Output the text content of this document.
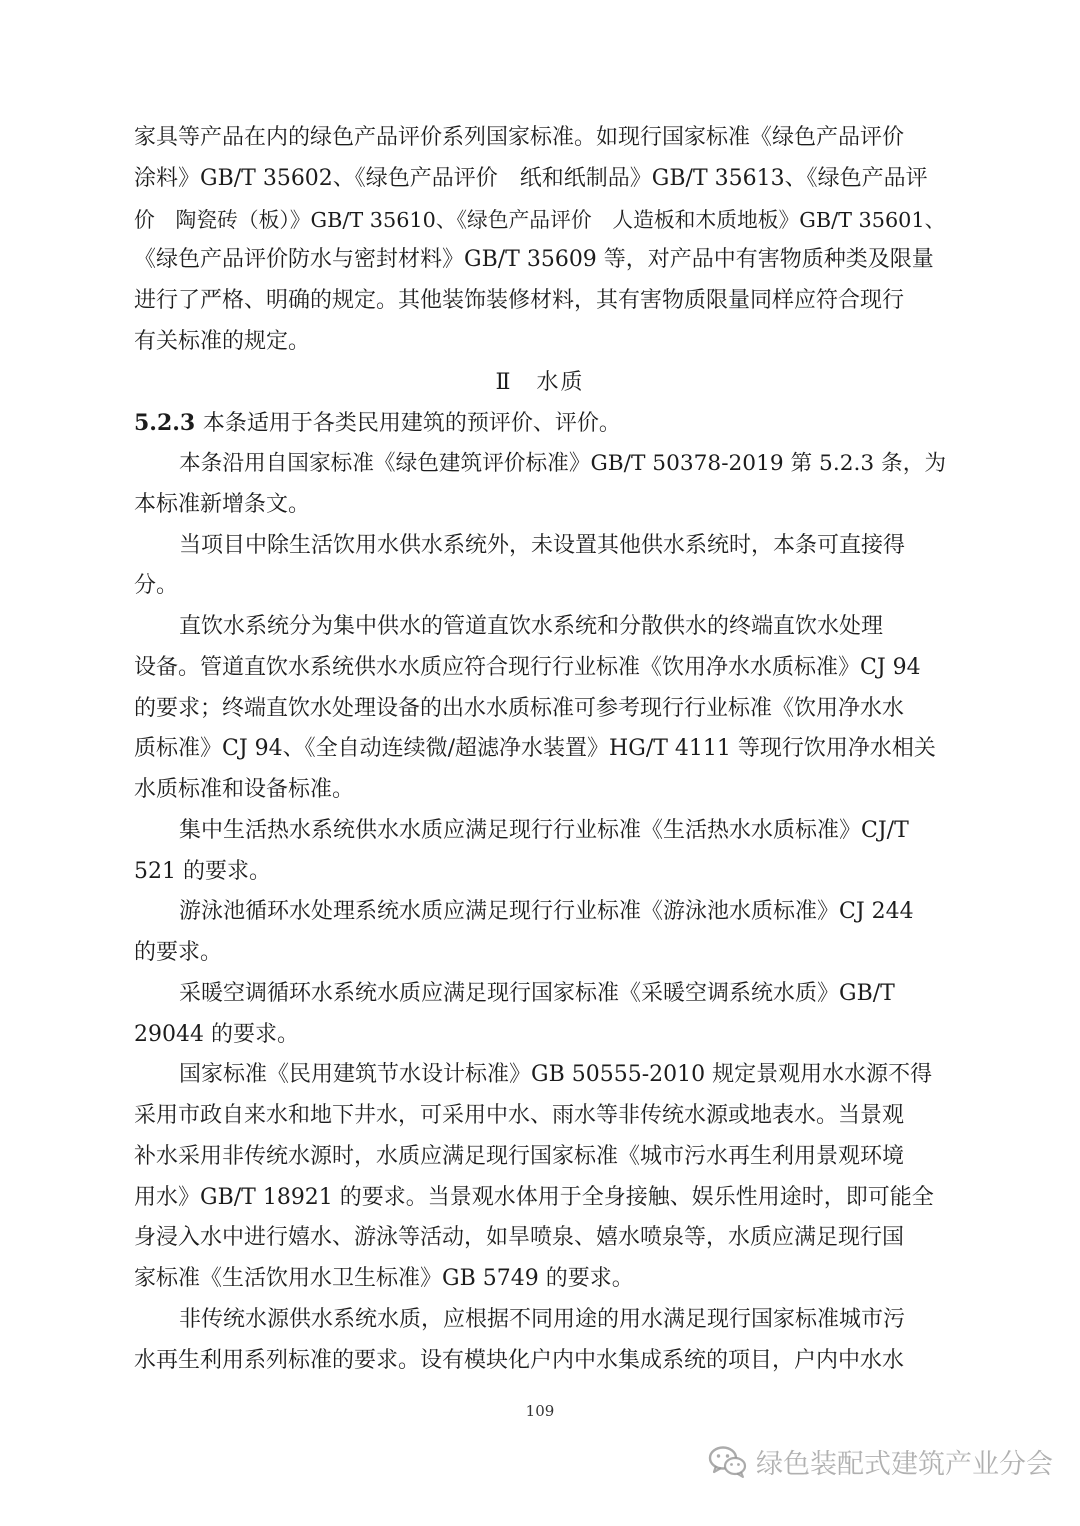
家具等产品在内的绿色产品评价系列国家标准。如现行国家标准《绿色产品评价
涂料》GB/T 35602、《绿色产品评价　纸和纸制品》GB/T 35613、《绿色产品评
价　陶瓷砖（板）》GB/T 35610、《绿色产品评价　人造板和木质地板》GB/T 35601、
《绿色产品评价防水与密封材料》GB/T 35609 等，对产品中有害物质种类及限量
进行了严格、明确的规定。其他装饰装修材料，其有害物质限量同样应符合现行
有关标准的规定。
Ⅱ　水质
5.2.3 本条适用于各类民用建筑的预评价、评价。
本条沿用自国家标准《绿色建筑评价标准》GB/T 50378-2019 第 5.2.3 条，为
本标准新增条文。
当项目中除生活饮用水供水系统外，未设置其他供水系统时，本条可直接得
分。
直饮水系统分为集中供水的管道直饮水系统和分散供水的终端直饮水处理
设备。管道直饮水系统供水水质应符合现行行业标准《饮用净水水质标准》CJ 94
的要求；终端直饮水处理设备的出水水质标准可参考现行行业标准《饮用净水水
质标准》CJ 94、《全自动连续微/超滤净水装置》HG/T 4111 等现行饮用净水相关
水质标准和设备标准。
集中生活热水系统供水水质应满足现行行业标准《生活热水水质标准》CJ/T
521 的要求。
游泳池循环水处理系统水质应满足现行行业标准《游泳池水质标准》CJ 244
的要求。
采暖空调循环水系统水质应满足现行国家标准《采暖空调系统水质》GB/T
29044 的要求。
国家标准《民用建筑节水设计标准》GB 50555-2010 规定景观用水水源不得
采用市政自来水和地下井水，可采用中水、雨水等非传统水源或地表水。当景观
补水采用非传统水源时，水质应满足现行国家标准《城市污水再生利用景观环境
用水》GB/T 18921 的要求。当景观水体用于全身接触、娱乐性用途时，即可能全
身浸入水中进行嬉水、游泳等活动，如旱喷泉、嬉水喷泉等，水质应满足现行国
家标准《生活饮用水卫生标准》GB 5749 的要求。
非传统水源供水系统水质，应根据不同用途的用水满足现行国家标准城市污
水再生利用系列标准的要求。设有模块化户内中水集成系统的项目，户内中水水
109
绿色装配式建筑产业分会
